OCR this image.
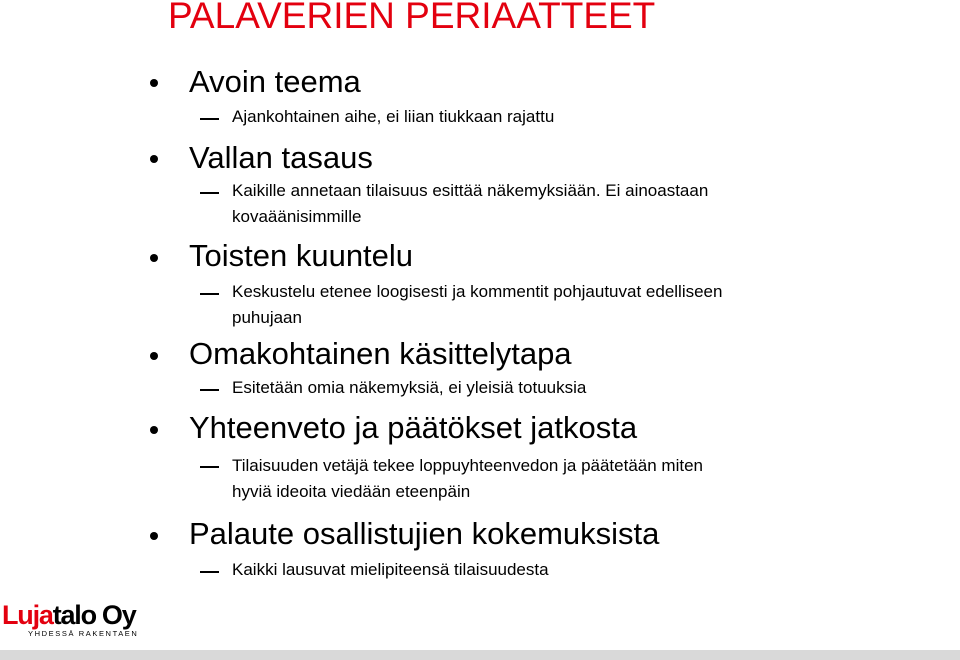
PALAVERIEN PERIAATTEET
Avoin teema
Ajankohtainen aihe, ei liian tiukkaan rajattu
Vallan tasaus
Kaikille annetaan tilaisuus esittää näkemyksiään. Ei ainoastaan
kovaäänisimmille
Toisten kuuntelu
Keskustelu etenee loogisesti ja kommentit pohjautuvat edelliseen
puhujaan
Omakohtainen käsittelytapa
Esitetään omia näkemyksiä, ei yleisiä totuuksia
Yhteenveto ja päätökset jatkosta
Tilaisuuden vetäjä tekee loppuyhteenvedon ja päätetään miten
hyviä ideoita viedään eteenpäin
Palaute osallistujien kokemuksista
Kaikki lausuvat mielipiteensä tilaisuudesta
Lujatalo Oy
YHDESSÄ RAKENTAEN
